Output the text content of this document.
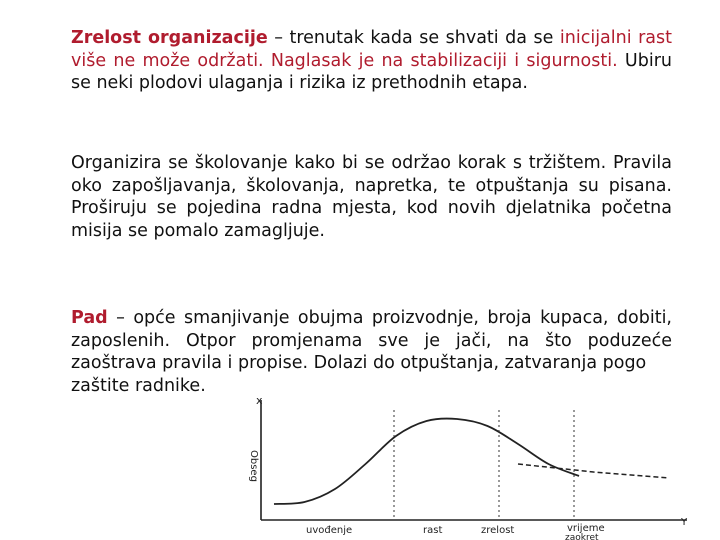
Zrelost organizacije – trenutak kada se shvati da se inicijalni rast više ne može održati. Naglasak je na stabilizaciji i sigurnosti. Ubiru se neki plodovi ulaganja i rizika iz prethodnih etapa.

Organizira se školovanje kako bi se održao korak s tržištem. Pravila oko zapošljavanja, školovanja, napretka, te otpuštanja su pisana. Proširuju se pojedina radna mjesta, kod novih djelatnika početna misija se pomalo zamagljuje.

Pad – opće smanjivanje obujma proizvodnje, broja kupaca, dobiti, zaposlenih. Otpor promjenama sve je jači, na što poduzeće zaoštrava pravila i propise. Dolazi do otpuštanja, zatvaranja pogo
zaštite radnike.

x
Y
Obseg
uvođenje	rast	zrelost	vrijeme
zaokret
